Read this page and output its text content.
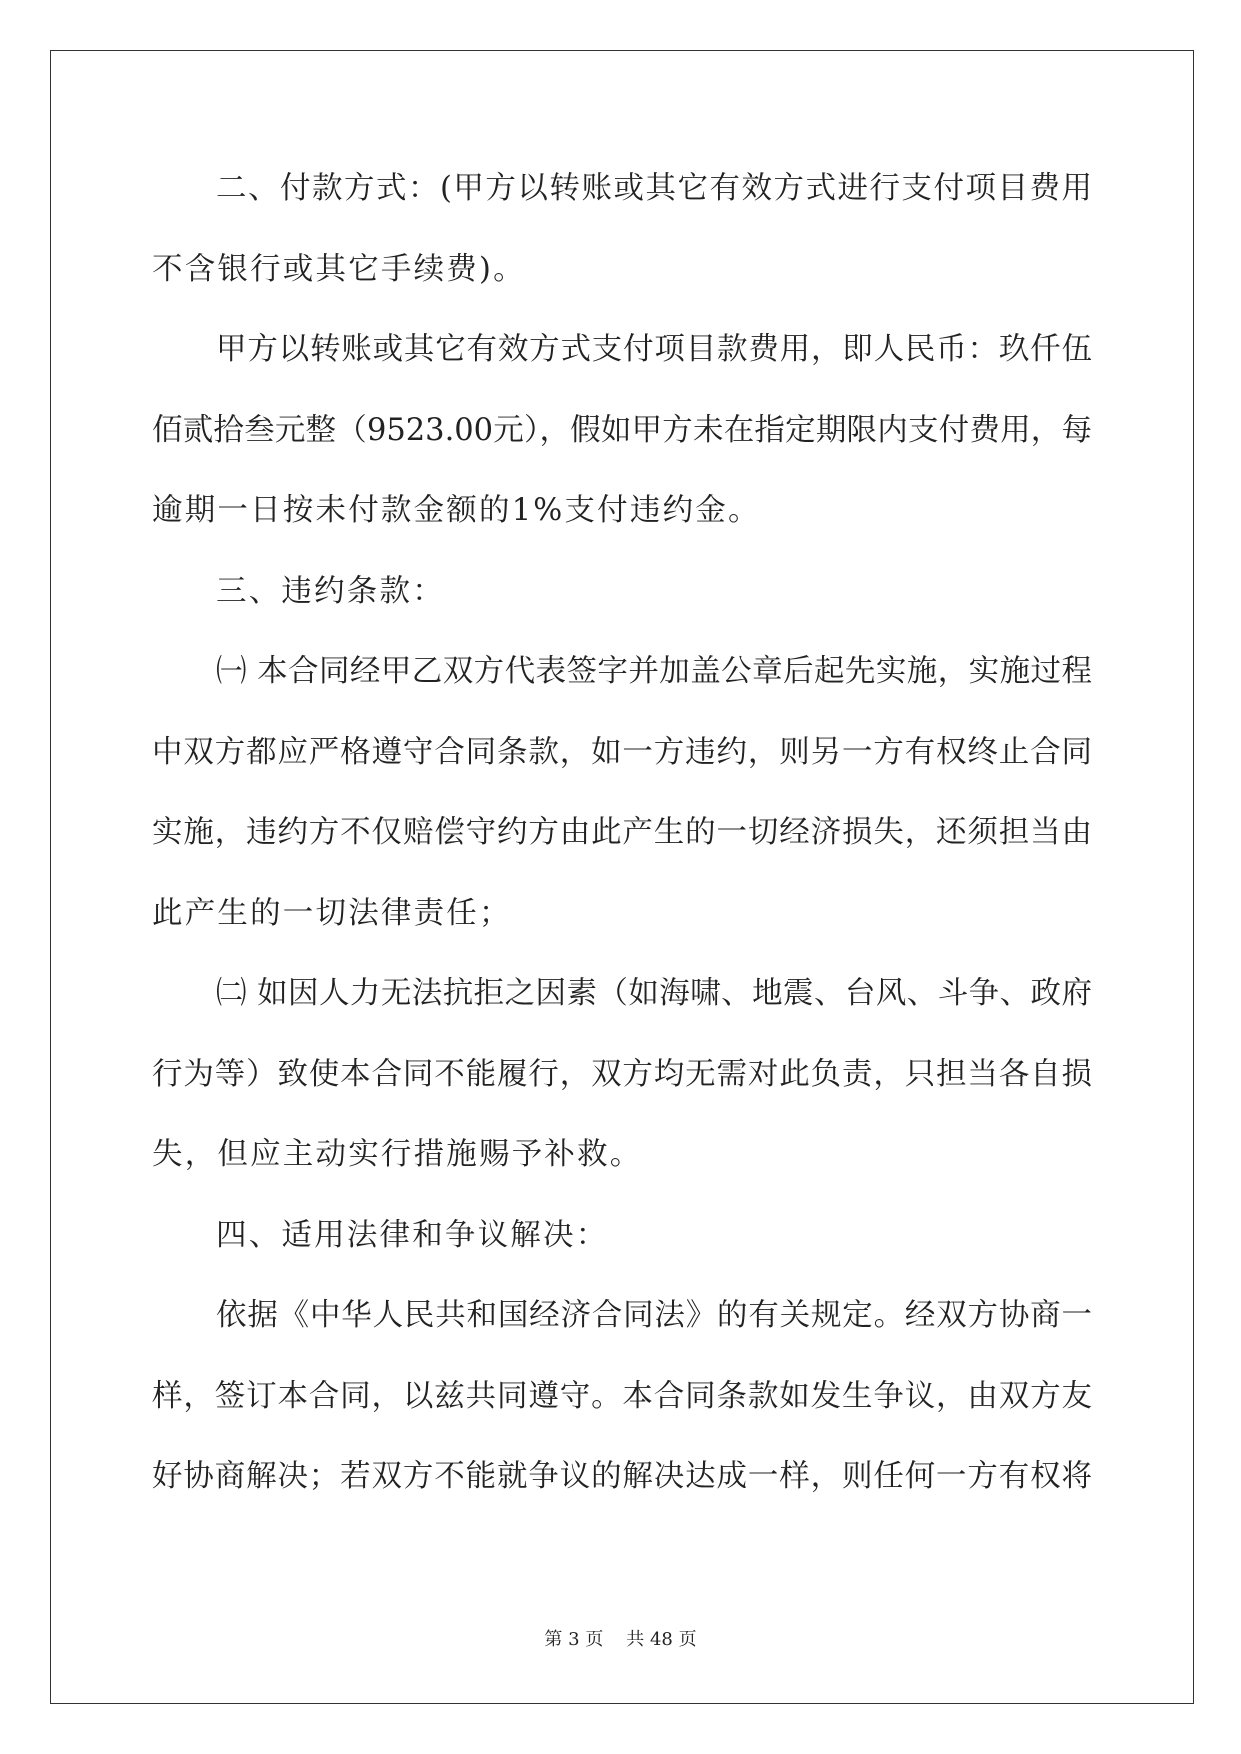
二、付款方式：(甲方以转账或其它有效方式进行支付项目费用
不含银行或其它手续费)。
甲方以转账或其它有效方式支付项目款费用，即人民币：玖仟伍
佰贰拾叁元整（9523.00元），假如甲方未在指定期限内支付费用，每
逾期一日按未付款金额的1%支付违约金。
三、违约条款：
㈠ 本合同经甲乙双方代表签字并加盖公章后起先实施，实施过程
中双方都应严格遵守合同条款，如一方违约，则另一方有权终止合同
实施，违约方不仅赔偿守约方由此产生的一切经济损失，还须担当由
此产生的一切法律责任；
㈡ 如因人力无法抗拒之因素（如海啸、地震、台风、斗争、政府
行为等）致使本合同不能履行，双方均无需对此负责，只担当各自损
失，但应主动实行措施赐予补救。
四、适用法律和争议解决：
依据《中华人民共和国经济合同法》的有关规定。经双方协商一
样，签订本合同，以兹共同遵守。本合同条款如发生争议，由双方友
好协商解决；若双方不能就争议的解决达成一样，则任何一方有权将
第 3 页 共 48 页
